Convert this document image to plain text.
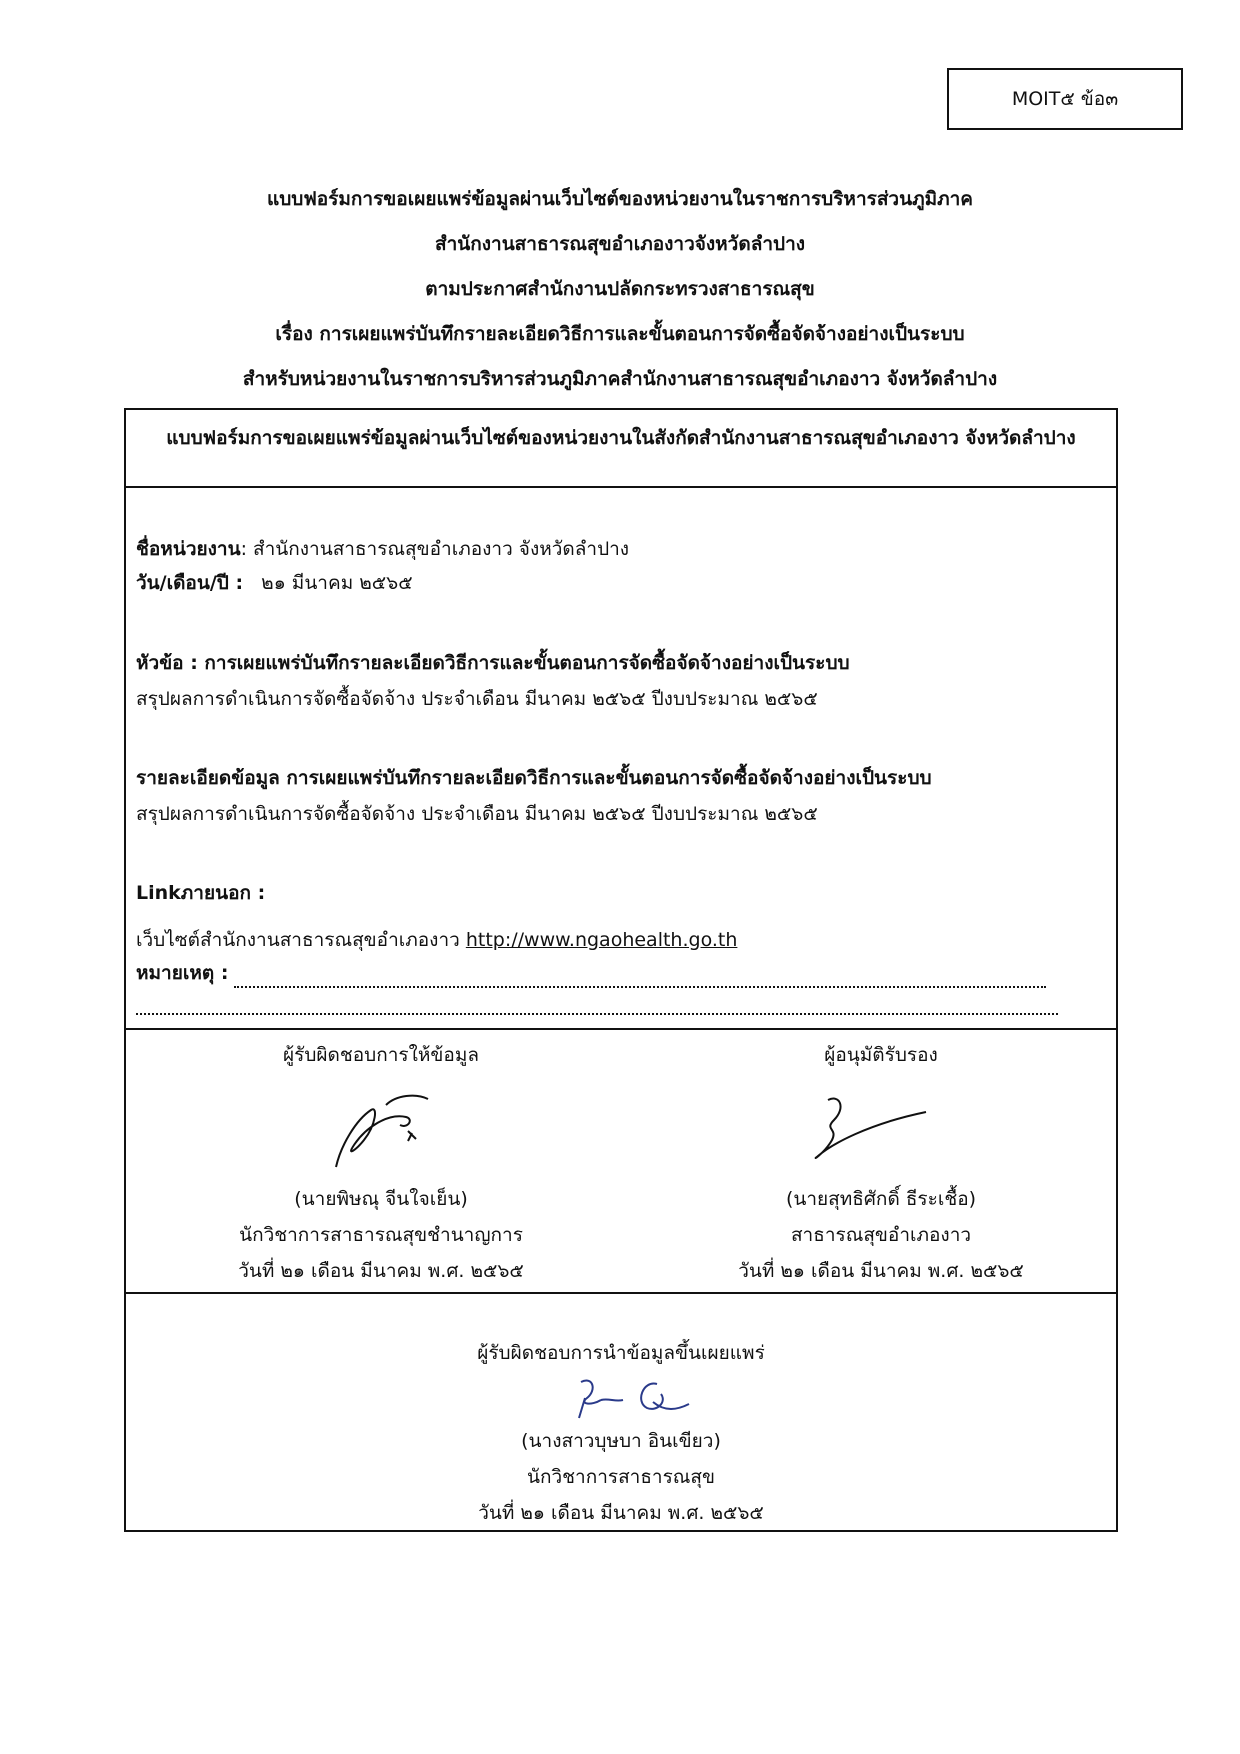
MOIT๕ ข้อ๓
แบบฟอร์มการขอเผยแพร่ข้อมูลผ่านเว็บไซต์ของหน่วยงานในราชการบริหารส่วนภูมิภาค
สำนักงานสาธารณสุขอำเภองาวจังหวัดลำปาง
ตามประกาศสำนักงานปลัดกระทรวงสาธารณสุข
เรื่อง การเผยแพร่บันทึกรายละเอียดวิธีการและขั้นตอนการจัดซื้อจัดจ้างอย่างเป็นระบบ
สำหรับหน่วยงานในราชการบริหารส่วนภูมิภาคสำนักงานสาธารณสุขอำเภองาว จังหวัดลำปาง
แบบฟอร์มการขอเผยแพร่ข้อมูลผ่านเว็บไซต์ของหน่วยงานในสังกัดสำนักงานสาธารณสุขอำเภองาว จังหวัดลำปาง
ชื่อหน่วยงาน: สำนักงานสาธารณสุขอำเภองาว จังหวัดลำปาง
วัน/เดือน/ปี : ๒๑ มีนาคม ๒๕๖๕
หัวข้อ : การเผยแพร่บันทึกรายละเอียดวิธีการและขั้นตอนการจัดซื้อจัดจ้างอย่างเป็นระบบ
สรุปผลการดำเนินการจัดซื้อจัดจ้าง ประจำเดือน มีนาคม ๒๕๖๕ ปีงบประมาณ ๒๕๖๕
รายละเอียดข้อมูล การเผยแพร่บันทึกรายละเอียดวิธีการและขั้นตอนการจัดซื้อจัดจ้างอย่างเป็นระบบ
สรุปผลการดำเนินการจัดซื้อจัดจ้าง ประจำเดือน มีนาคม ๒๕๖๕ ปีงบประมาณ ๒๕๖๕
Linkภายนอก :
เว็บไซต์สำนักงานสาธารณสุขอำเภองาว http://www.ngaohealth.go.th
หมายเหตุ :
ผู้รับผิดชอบการให้ข้อมูล
(นายพิษณุ จีนใจเย็น)
นักวิชาการสาธารณสุขชำนาญการ
วันที่ ๒๑ เดือน มีนาคม พ.ศ. ๒๕๖๕
ผู้อนุมัติรับรอง
(นายสุทธิศักดิ์ ธีระเชื้อ)
สาธารณสุขอำเภองาว
วันที่ ๒๑ เดือน มีนาคม พ.ศ. ๒๕๖๕
ผู้รับผิดชอบการนำข้อมูลขึ้นเผยแพร่
(นางสาวบุษบา อินเขียว)
นักวิชาการสาธารณสุข
วันที่ ๒๑ เดือน มีนาคม พ.ศ. ๒๕๖๕
